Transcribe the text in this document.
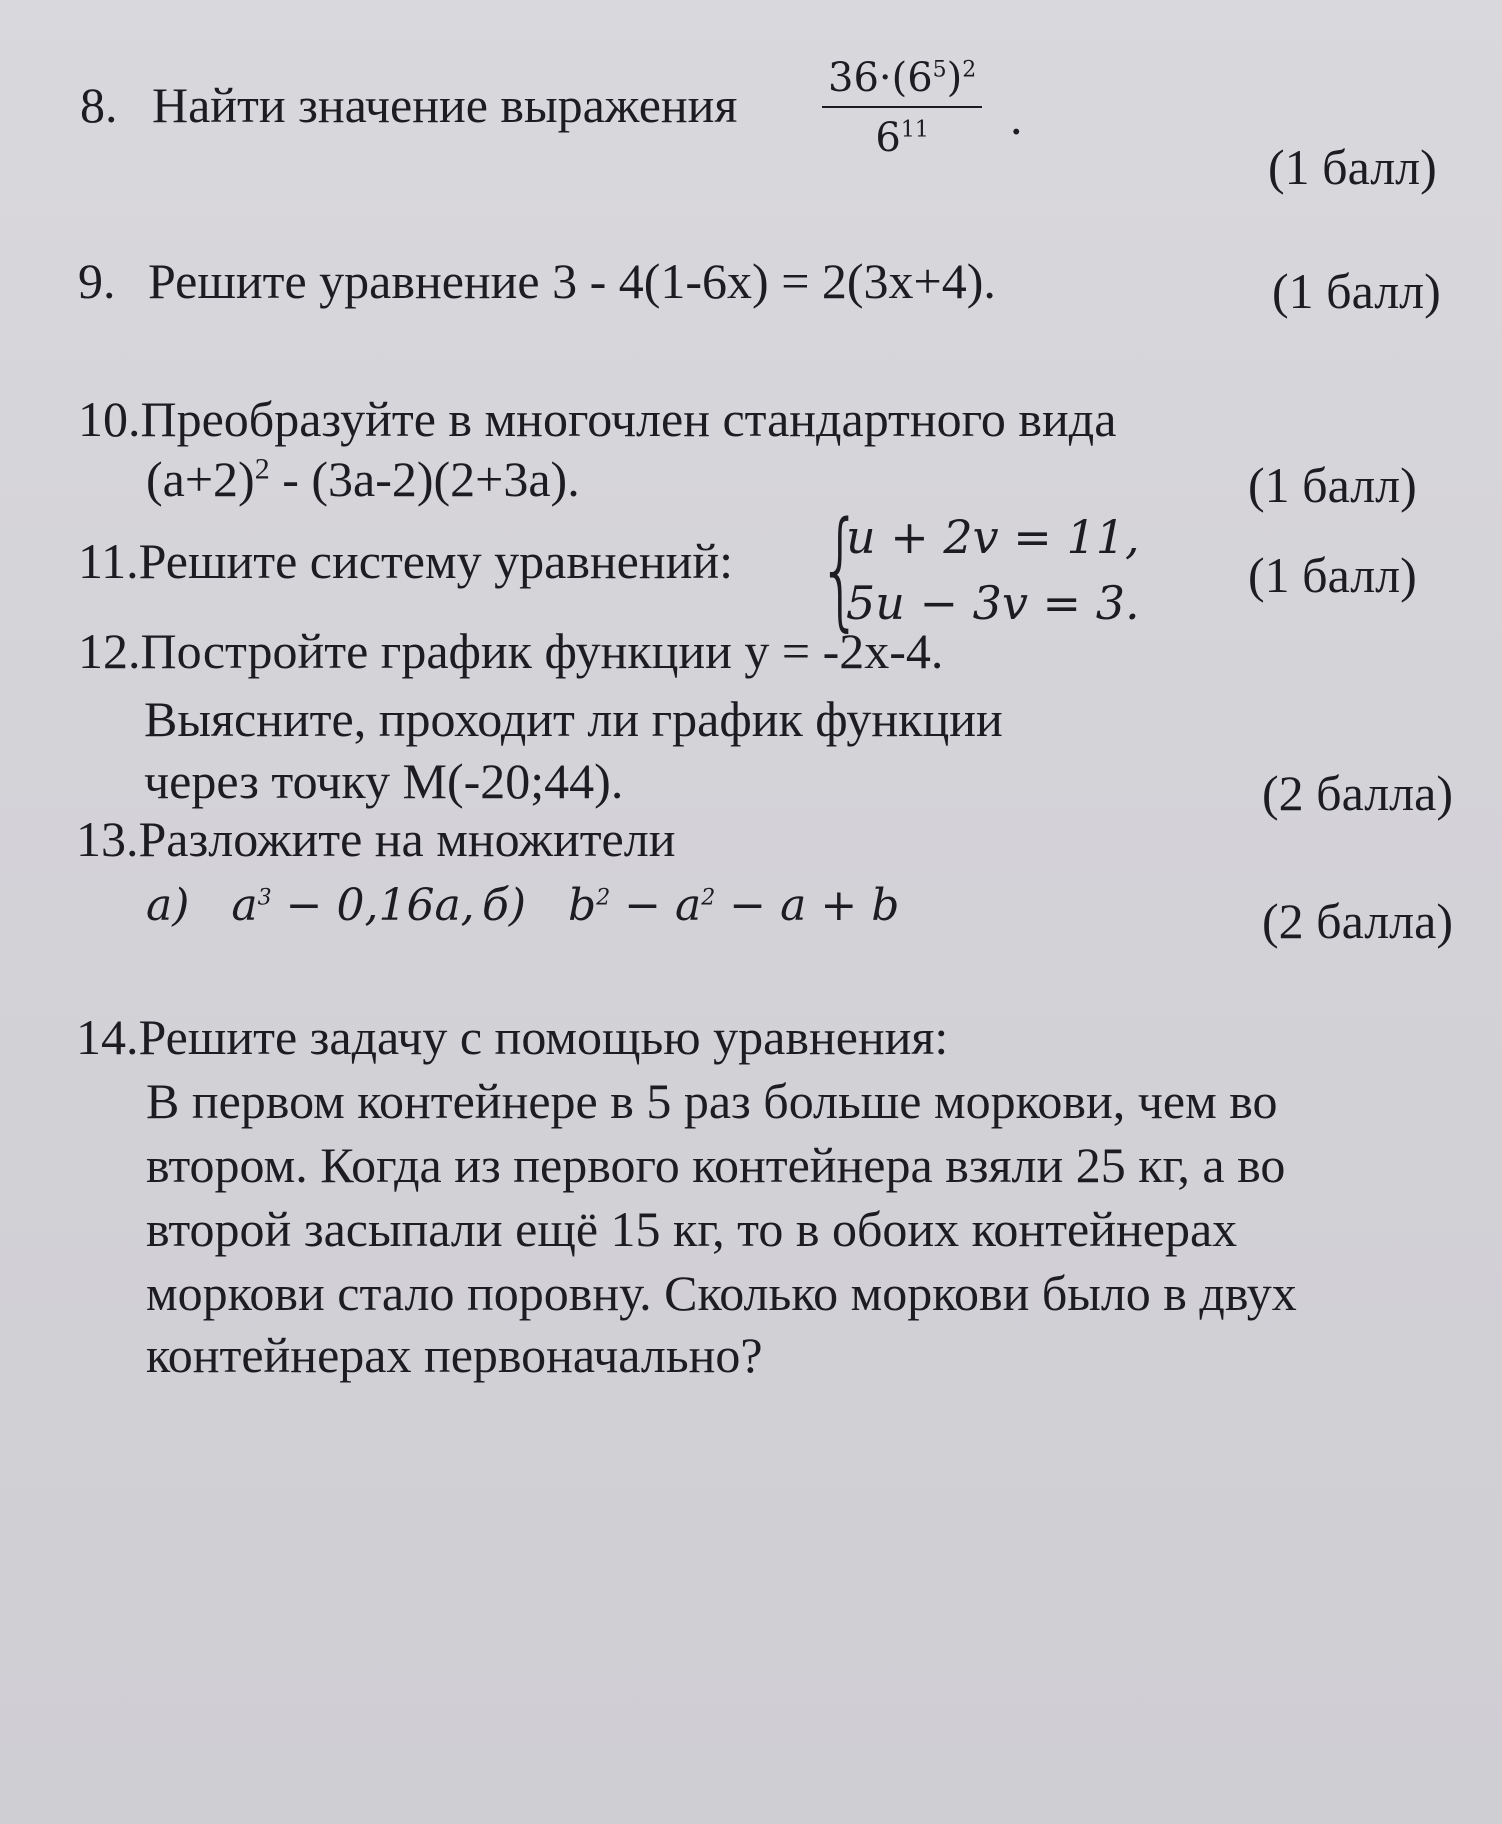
8. Найти значение выражения $\frac{36\cdot(6^5)^2}{6^{11}}$ .
(1 балл)
9. Решите уравнение 3 - 4(1-6х) = 2(3х+4).	(1 балл)
10.Преобразуйте в многочлен стандартного вида
$(a+2)^2 - (3a-2)(2+3a)$.	(1 балл)
11.Решите систему уравнений: {
u + 2v = 11,
5u − 3v = 3. (1 балл)
12.Постройте график функции у = -2х-4.
Выясните, проходит ли график функции
через точку М(-20;44).	(2 балла)
13.Разложите на множители
а) $a^3 - 0,16a$, б) $b^2 - a^2 - a + b$	(2 балла)
14.Решите задачу с помощью уравнения:
В первом контейнере в 5 раз больше моркови, чем во
втором. Когда из первого контейнера взяли 25 кг, а во
второй засыпали ещё 15 кг, то в обоих контейнерах
моркови стало поровну. Сколько моркови было в двух
контейнерах первоначально?
